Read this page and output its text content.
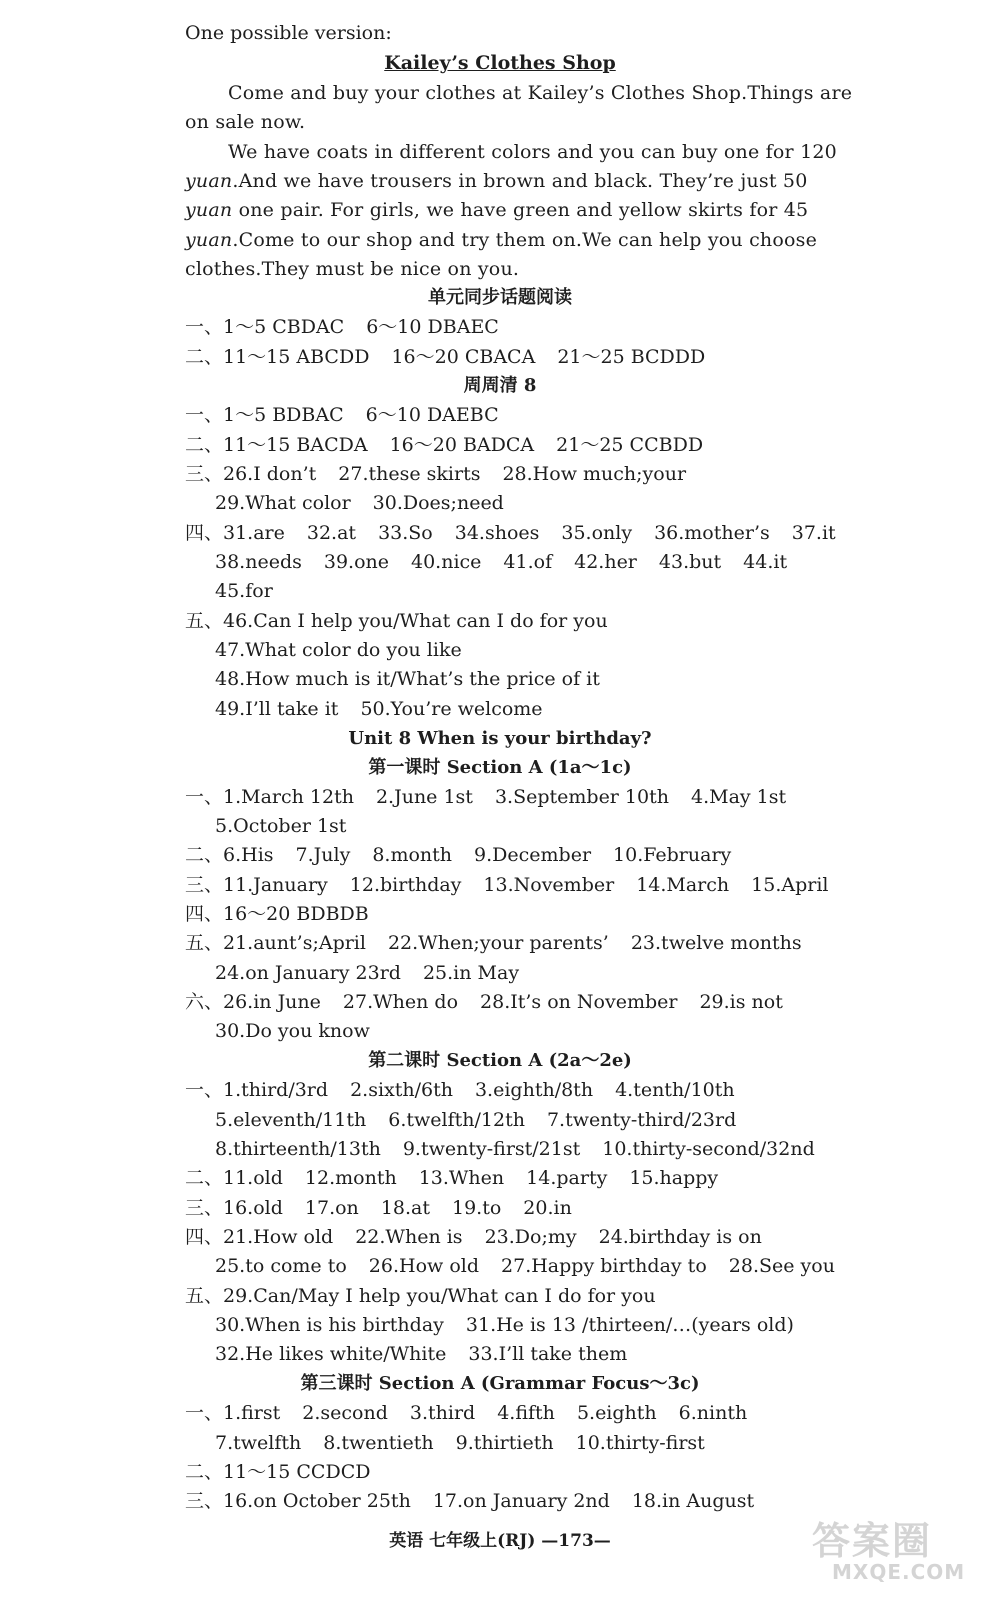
One possible version:
Kailey’s Clothes Shop
Come and buy your clothes at Kailey’s Clothes Shop.Things are
on sale now.
We have coats in different colors and you can buy one for 120
yuan.And we have trousers in brown and black. They’re just 50
yuan one pair. For girls, we have green and yellow skirts for 45
yuan.Come to our shop and try them on.We can help you choose
clothes.They must be nice on you.
单元同步话题阅读
一、1～5 CBDAC 6～10 DBAEC
二、11～15 ABCDD 16～20 CBACA 21～25 BCDDD
周周清 8
一、1～5 BDBAC 6～10 DAEBC
二、11～15 BACDA 16～20 BADCA 21～25 CCBDD
三、26.I don’t 27.these skirts 28.How much;your
29.What color 30.Does;need
四、31.are 32.at 33.So 34.shoes 35.only 36.mother’s 37.it
38.needs 39.one 40.nice 41.of 42.her 43.but 44.it
45.for
五、46.Can I help you/What can I do for you
47.What color do you like
48.How much is it/What’s the price of it
49.I’ll take it 50.You’re welcome
Unit 8 When is your birthday?
第一课时 Section A (1a～1c)
一、1.March 12th 2.June 1st 3.September 10th 4.May 1st
5.October 1st
二、6.His 7.July 8.month 9.December 10.February
三、11.January 12.birthday 13.November 14.March 15.April
四、16～20 BDBDB
五、21.aunt’s;April 22.When;your parents’ 23.twelve months
24.on January 23rd 25.in May
六、26.in June 27.When do 28.It’s on November 29.is not
30.Do you know
第二课时 Section A (2a～2e)
一、1.third/3rd 2.sixth/6th 3.eighth/8th 4.tenth/10th
5.eleventh/11th 6.twelfth/12th 7.twenty-third/23rd
8.thirteenth/13th 9.twenty-first/21st 10.thirty-second/32nd
二、11.old 12.month 13.When 14.party 15.happy
三、16.old 17.on 18.at 19.to 20.in
四、21.How old 22.When is 23.Do;my 24.birthday is on
25.to come to 26.How old 27.Happy birthday to 28.See you
五、29.Can/May I help you/What can I do for you
30.When is his birthday 31.He is 13 /thirteen/…(years old)
32.He likes white/White 33.I’ll take them
第三课时 Section A (Grammar Focus～3c)
一、1.first 2.second 3.third 4.fifth 5.eighth 6.ninth
7.twelfth 8.twentieth 9.thirtieth 10.thirty-first
二、11～15 CCDCD
三、16.on October 25th 17.on January 2nd 18.in August
英语 七年级上(RJ) —173—	答案圈
MXQE.COM
